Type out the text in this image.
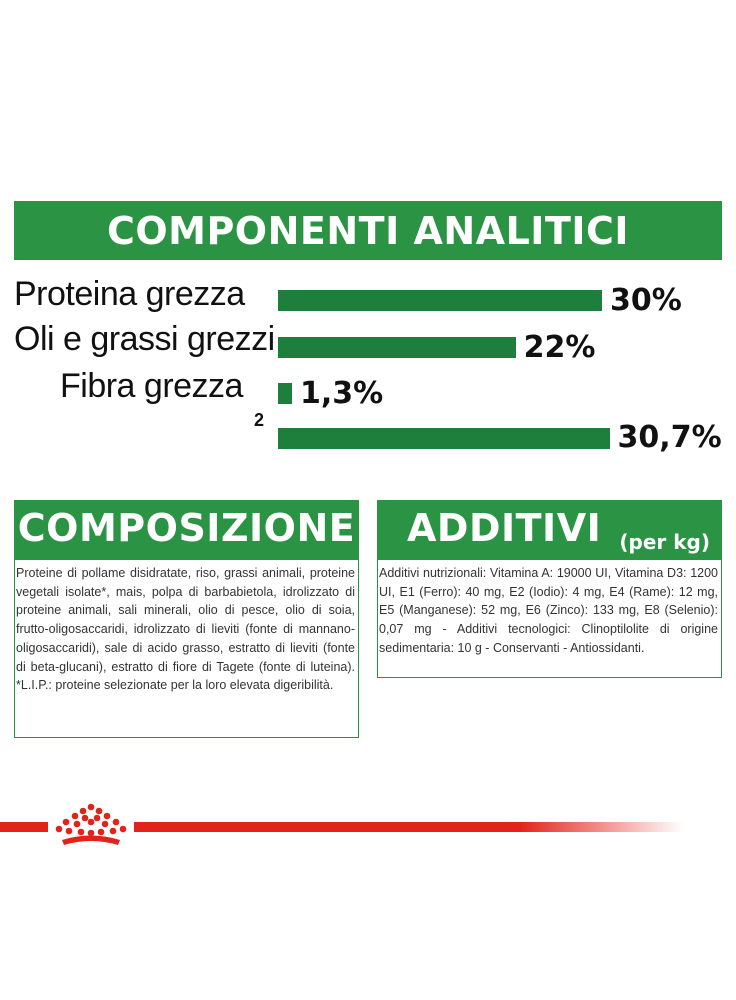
COMPONENTI ANALITICI
Proteina grezza	30%
Oli e grassi grezzi	22%
Fibra grezza 1,3%
2	30,7%
COMPOSIZIONE
Proteine di pollame disidratate, riso, grassi animali, proteine vegetali isolate*, mais, polpa di barbabietola, idrolizzato di proteine animali, sali minerali, olio di pesce, olio di soia, frutto-oligosaccaridi, idrolizzato di lieviti (fonte di mannano-oligosaccaridi), sale di acido grasso, estratto di lieviti (fonte di beta-glucani), estratto di fiore di Tagete (fonte di luteina). *L.I.P.: proteine selezionate per la loro elevata digeribilità.
ADDITIVI (per kg)
Additivi nutrizionali: Vitamina A: 19000 UI, Vitamina D3: 1200 UI, E1 (Ferro): 40 mg, E2 (Iodio): 4 mg, E4 (Rame): 12 mg, E5 (Manganese): 52 mg, E6 (Zinco): 133 mg, E8 (Selenio): 0,07 mg - Additivi tecnologici: Clinoptilolite di origine sedimentaria: 10 g - Conservanti - Antiossidanti.
